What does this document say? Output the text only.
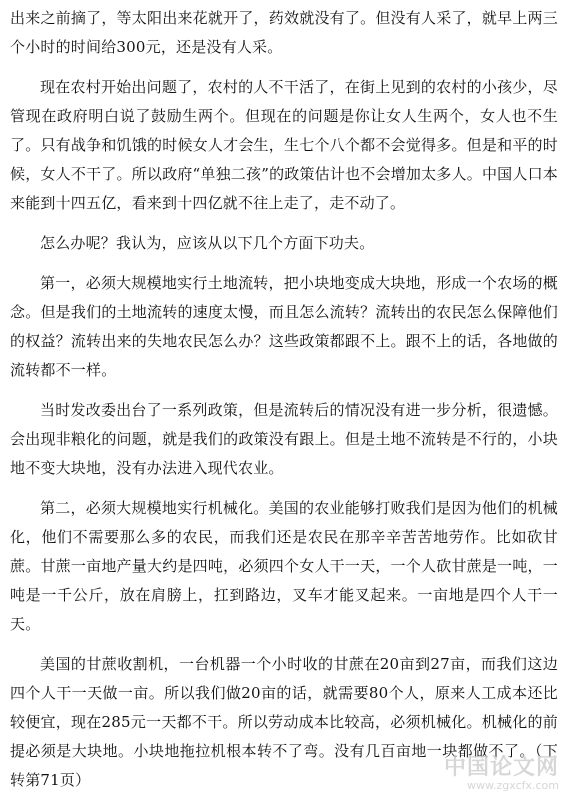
出来之前摘了，等太阳出来花就开了，药效就没有了。但没有人采了，就早上两三个小时的时间给300元，还是没有人采。

现在农村开始出问题了，农村的人不干活了，在街上见到的农村的小孩少，尽管现在政府明白说了鼓励生两个。但现在的问题是你让女人生两个，女人也不生了。只有战争和饥饿的时候女人才会生，生七个八个都不会觉得多。但是和平的时候，女人不干了。所以政府“单独二孩”的政策估计也不会增加太多人。中国人口本来能到十四五亿，看来到十四亿就不往上走了，走不动了。

怎么办呢？我认为，应该从以下几个方面下功夫。

第一，必须大规模地实行土地流转，把小块地变成大块地，形成一个农场的概念。但是我们的土地流转的速度太慢，而且怎么流转？流转出的农民怎么保障他们的权益？流转出来的失地农民怎么办？这些政策都跟不上。跟不上的话，各地做的流转都不一样。

当时发改委出台了一系列政策，但是流转后的情况没有进一步分析，很遗憾。会出现非粮化的问题，就是我们的政策没有跟上。但是土地不流转是不行的，小块地不变大块地，没有办法进入现代农业。

第二，必须大规模地实行机械化。美国的农业能够打败我们是因为他们的机械化，他们不需要那么多的农民，而我们还是农民在那辛辛苦苦地劳作。比如砍甘蔗。甘蔗一亩地产量大约是四吨，必须四个女人干一天，一个人砍甘蔗是一吨，一吨是一千公斤，放在肩膀上，扛到路边，叉车才能叉起来。一亩地是四个人干一天。

美国的甘蔗收割机，一台机器一个小时收的甘蔗在20亩到27亩，而我们这边四个人干一天做一亩。所以我们做20亩的话，就需要80个人，原来人工成本还比较便宜，现在285元一天都不干。所以劳动成本比较高，必须机械化。机械化的前提必须是大块地。小块地拖拉机根本转不了弯。没有几百亩地一块都做不了。（下转第71页）	中国论文网
www.zgxcfx.com
